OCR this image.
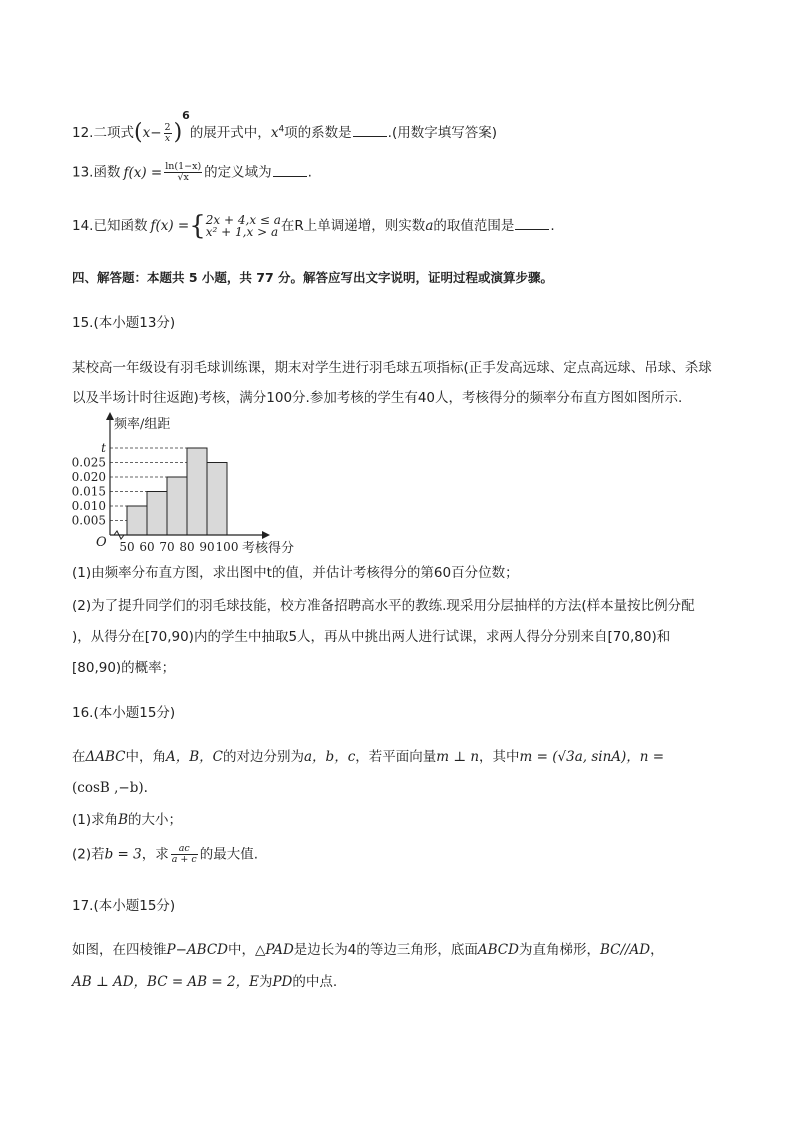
12.二项式$(x- \frac{2}{x} )^6$的展开式中，$x^4$项的系数是	.(用数字填写答案)
13.函数 $f(x) = \frac{\ln(1-x)}{√x}$ 的定义域为	.
14.已知函数 f(x) ={ 2x + 4,x ≤ a
x² + 1,x > a 在R上单调递增，则实数a的取值范围是	.
四、解答题：本题共 5 小题，共 77 分。解答应写出文字说明，证明过程或演算步骤。
15.(本小题13分)
某校高一年级设有羽毛球训练课，期末对学生进行羽毛球五项指标(正手发高远球、定点高远球、吊球、杀球
以及半场计时往返跑)考核，满分100分.参加考核的学生有40人，考核得分的频率分布直方图如图所示.
0.005
0.010
0.015
0.020
0.025
t
50 60 70 80 90 100
O
频率/组距
考核得分
(1)由频率分布直方图，求出图中t的值，并估计考核得分的第60百分位数；
(2)为了提升同学们的羽毛球技能，校方准备招聘高水平的教练.现采用分层抽样的方法(样本量按比例分配
)，从得分在[70,90)内的学生中抽取5人，再从中挑出两人进行试课，求两人得分分别来自[70,80)和
[80,90)的概率；
16.(本小题15分)
在ΔABC中，角A，B，C的对边分别为a，b，c，若平面向量m ⊥ n，其中m = (√3a, sinA)，n =
(cosB ,−b).
(1)求角B的大小；
(2)若b = 3，求 $\frac{ac}{a + c}$ 的最大值.
17.(本小题15分)
如图，在四棱锥P−ABCD中，△PAD是边长为4的等边三角形，底面ABCD为直角梯形，BC//AD，
AB ⊥ AD，BC = AB = 2，E为PD的中点.
